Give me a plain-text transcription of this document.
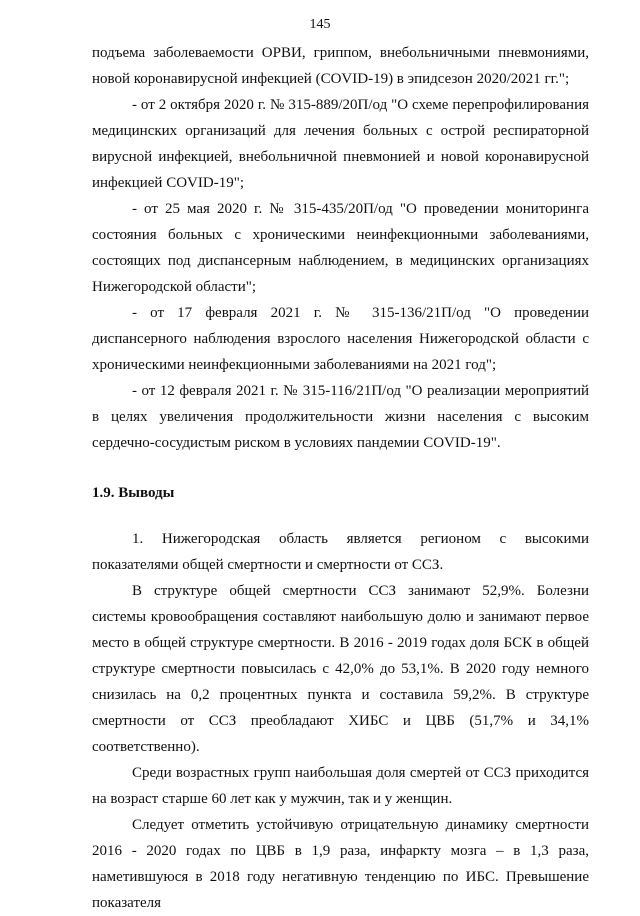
145

подъема заболеваемости ОРВИ, гриппом, внебольничными пневмониями, новой коронавирусной инфекцией (COVID-19) в эпидсезон 2020/2021 гг.";

- от 2 октября 2020 г. № 315-889/20П/од "О схеме перепрофилирования медицинских организаций для лечения больных с острой респираторной вирусной инфекцией, внебольничной пневмонией и новой коронавирусной инфекцией COVID-19";

- от 25 мая 2020 г. № 315-435/20П/од "О проведении мониторинга состояния больных с хроническими неинфекционными заболеваниями, состоящих под диспансерным наблюдением, в медицинских организациях Нижегородской области";

- от 17 февраля 2021 г. № 315-136/21П/од "О проведении диспансерного наблюдения взрослого населения Нижегородской области с хроническими неинфекционными заболеваниями на 2021 год";

- от 12 февраля 2021 г. № 315-116/21П/од "О реализации мероприятий в целях увеличения продолжительности жизни населения с высоким сердечно-сосудистым риском в условиях пандемии COVID-19".

1.9. Выводы

1. Нижегородская область является регионом с высокими показателями общей смертности и смертности от ССЗ.

В структуре общей смертности ССЗ занимают 52,9%. Болезни системы кровообращения составляют наибольшую долю и занимают первое место в общей структуре смертности. В 2016 - 2019 годах доля БСК в общей структуре смертности повысилась с 42,0% до 53,1%. В 2020 году немного снизилась на 0,2 процентных пункта и составила 59,2%. В структуре смертности от ССЗ преобладают ХИБС и ЦВБ (51,7% и 34,1% соответственно).

Среди возрастных групп наибольшая доля смертей от ССЗ приходится на возраст старше 60 лет как у мужчин, так и у женщин.

Следует отметить устойчивую отрицательную динамику смертности 2016 - 2020 годах по ЦВБ в 1,9 раза, инфаркту мозга – в 1,3 раза, наметившуюся в 2018 году негативную тенденцию по ИБС. Превышение показателя
